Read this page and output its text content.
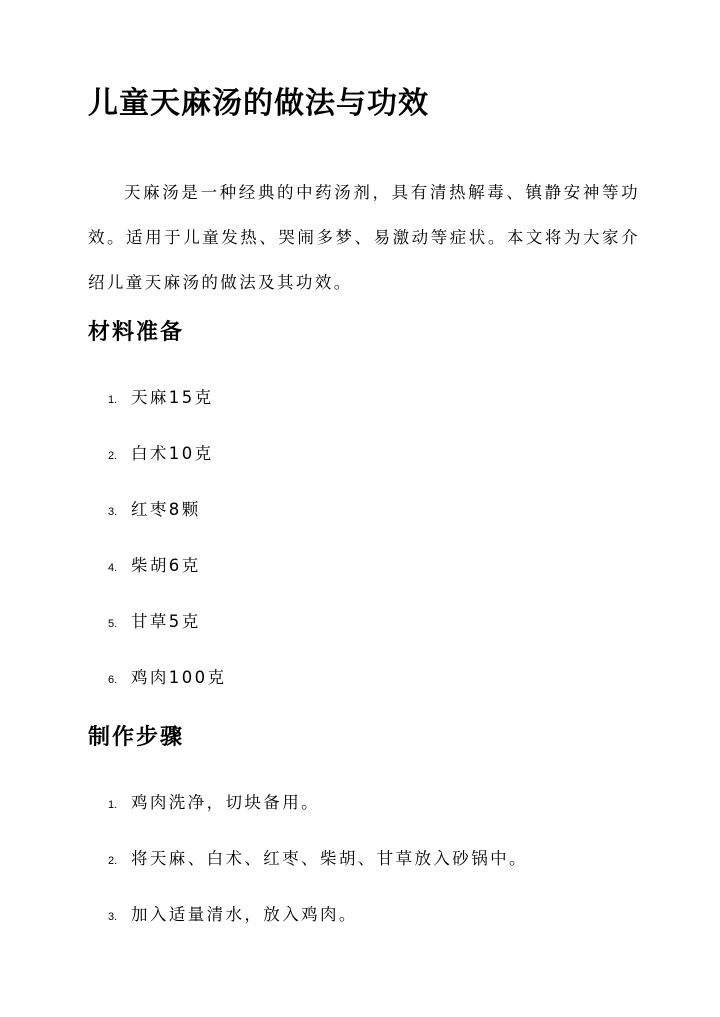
儿童天麻汤的做法与功效

天麻汤是一种经典的中药汤剂，具有清热解毒、镇静安神等功效。适用于儿童发热、哭闹多梦、易激动等症状。本文将为大家介绍儿童天麻汤的做法及其功效。

材料准备
1. 天麻15克
2. 白术10克
3. 红枣8颗
4. 柴胡6克
5. 甘草5克
6. 鸡肉100克
制作步骤
1. 鸡肉洗净，切块备用。
2. 将天麻、白术、红枣、柴胡、甘草放入砂锅中。
3. 加入适量清水，放入鸡肉。
